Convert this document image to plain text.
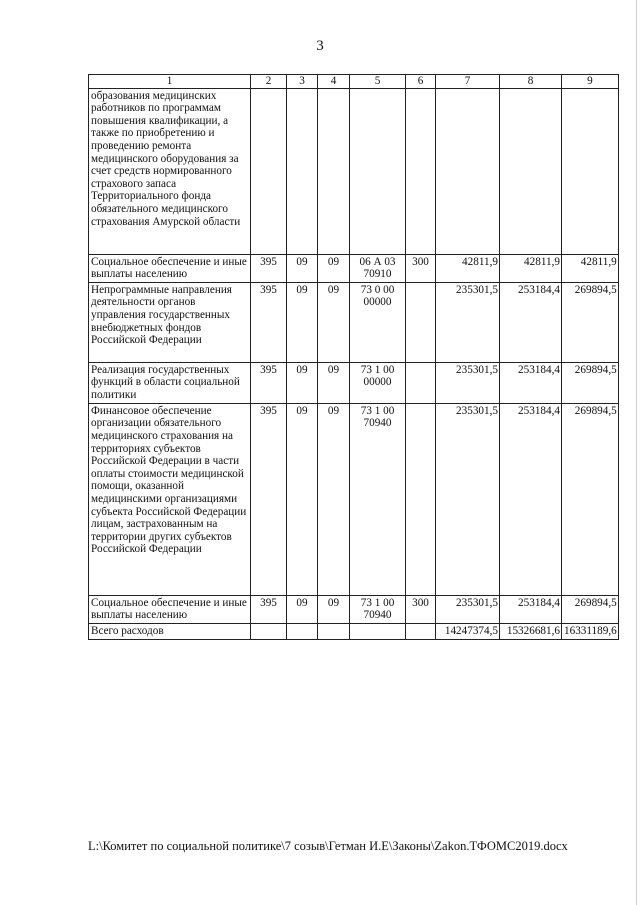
3
1	2	3	4	5	6	7	8	9
образования медицинских работников по программам повышения квалификации, а также по приобретению и проведению ремонта медицинского оборудования за счет средств нормированного страхового запаса Территориального фонда обязательного медицинского страхования Амурской области								
Социальное обеспечение и иные выплаты населению	395	09	09	06 А 03 70910	300	42811,9	42811,9	42811,9
Непрограммные направления деятельности органов управления государственных внебюджетных фондов Российской Федерации	395	09	09	73 0 00 00000		235301,5	253184,4	269894,5
Реализация государственных функций в области социальной политики	395	09	09	73 1 00 00000		235301,5	253184,4	269894,5
Финансовое обеспечение организации обязательного медицинского страхования на территориях субъектов Российской Федерации в части оплаты стоимости медицинской помощи, оказанной медицинскими организациями субъекта Российской Федерации лицам, застрахованным на территории других субъектов Российской Федерации	395	09	09	73 1 00 70940		235301,5	253184,4	269894,5
Социальное обеспечение и иные выплаты населению	395	09	09	73 1 00 70940	300	235301,5	253184,4	269894,5
Всего расходов						14247374,5	15326681,6	16331189,6
L:\Комитет по социальной политике\7 созыв\Гетман И.Е\Законы\Zakon.ТФОМС2019.docx
